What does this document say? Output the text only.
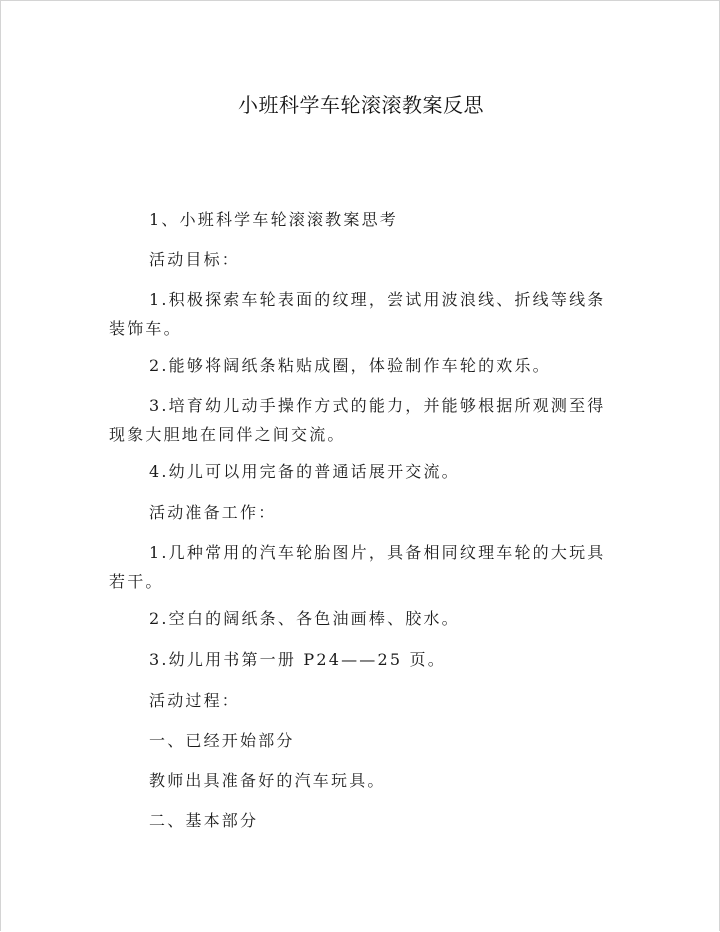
小班科学车轮滚滚教案反思

1、小班科学车轮滚滚教案思考

活动目标：

1.积极探索车轮表面的纹理，尝试用波浪线、折线等线条装饰车。

2.能够将阔纸条粘贴成圈，体验制作车轮的欢乐。

3.培育幼儿动手操作方式的能力，并能够根据所观测至得现象大胆地在同伴之间交流。

4.幼儿可以用完备的普通话展开交流。

活动准备工作：

1.几种常用的汽车轮胎图片，具备相同纹理车轮的大玩具若干。

2.空白的阔纸条、各色油画棒、胶水。

3.幼儿用书第一册 P24——25 页。

活动过程：

一、已经开始部分

教师出具准备好的汽车玩具。

二、基本部分
